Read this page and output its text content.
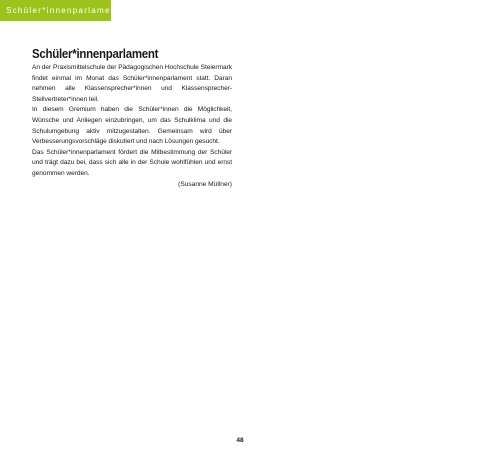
Schüler*innenparlament
Schüler*innenparlament

An der Praxismittelschule der Pädagogischen Hochschule Steiermark findet einmal im Monat das Schüler*innenparlament statt. Daran nehmen alle Klassensprecher*innen und Klassensprecher-Stellvertreter*innen teil.

In diesem Gremium haben die Schüler*innen die Möglichkeit, Wünsche und Anliegen einzubringen, um das Schulklima und die Schulumgebung aktiv mitzugestalten. Gemeinsam wird über Verbesserungsvorschläge diskutiert und nach Lösungen gesucht.

Das Schüler*innenparlament fördert die Mitbestimmung der Schüler und trägt dazu bei, dass sich alle in der Schule wohlfühlen und ernst genommen werden.

(Susanne Müllner)

48
